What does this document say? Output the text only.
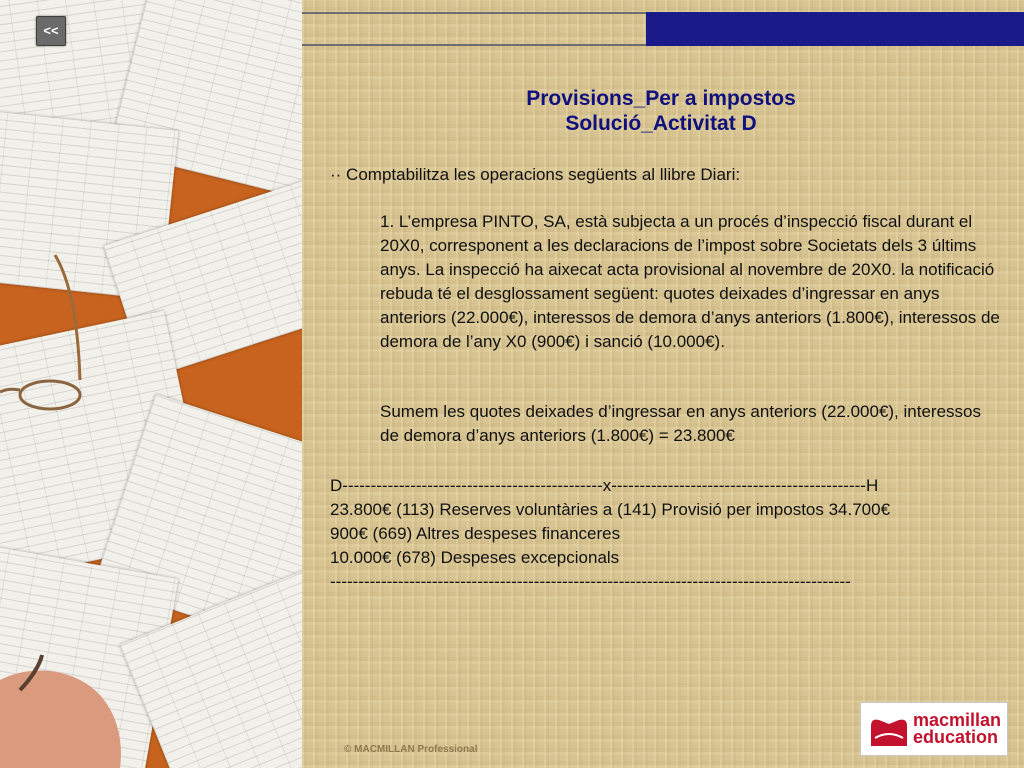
<<
Provisions_Per a impostos
Solució_Activitat D
·· Comptabilitza les operacions següents al llibre Diari:
1. L’empresa PINTO, SA, està subjecta a un procés d’inspecció fiscal durant el 20X0, corresponent a les declaracions de l’impost sobre Societats dels 3 últims anys. La inspecció ha aixecat acta provisional al novembre de 20X0. la notificació rebuda té el desglossament següent: quotes deixades d’ingressar en anys anteriors (22.000€), interessos de demora d’anys anteriors (1.800€), interessos de demora de l’any X0 (900€) i sanció (10.000€).
Sumem les quotes deixades d’ingressar en anys anteriors (22.000€), interessos de demora d’anys anteriors (1.800€) = 23.800€
D----------------------------------------------x---------------------------------------------H
23.800€ (113) Reserves voluntàries a (141) Provisió per impostos 34.700€
900€ (669) Altres despeses financeres
10.000€ (678) Despeses excepcionals
--------------------------------------------------------------------------------------------
© MACMILLAN Professional
macmillan
education
